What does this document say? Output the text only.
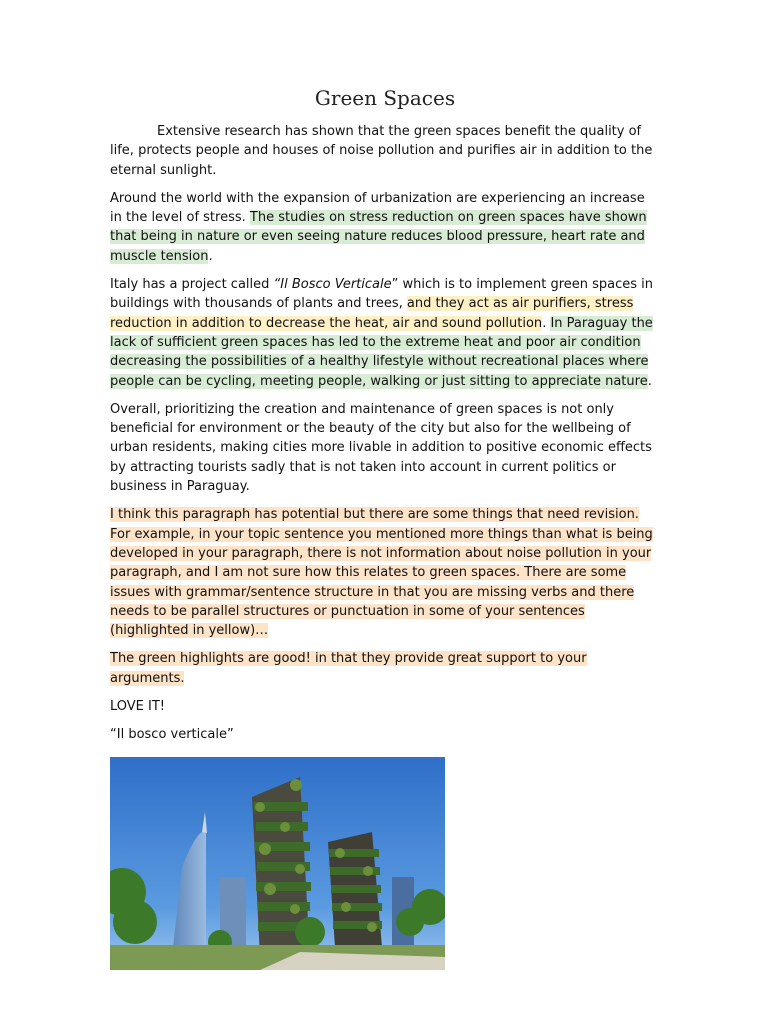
Green Spaces

Extensive research has shown that the green spaces benefit the quality of life, protects people and houses of noise pollution and purifies air in addition to the eternal sunlight.

Around the world with the expansion of urbanization are experiencing an increase in the level of stress. The studies on stress reduction on green spaces have shown that being in nature or even seeing nature reduces blood pressure, heart rate and muscle tension.

Italy has a project called “Il Bosco Verticale” which is to implement green spaces in buildings with thousands of plants and trees, and they act as air purifiers, stress reduction in addition to decrease the heat, air and sound pollution. In Paraguay the lack of sufficient green spaces has led to the extreme heat and poor air condition decreasing the possibilities of a healthy lifestyle without recreational places where people can be cycling, meeting people, walking or just sitting to appreciate nature.

Overall, prioritizing the creation and maintenance of green spaces is not only beneficial for environment or the beauty of the city but also for the wellbeing of urban residents, making cities more livable in addition to positive economic effects by attracting tourists sadly that is not taken into account in current politics or business in Paraguay.

I think this paragraph has potential but there are some things that need revision. For example, in your topic sentence you mentioned more things than what is being developed in your paragraph, there is not information about noise pollution in your paragraph, and I am not sure how this relates to green spaces. There are some issues with grammar/sentence structure in that you are missing verbs and there needs to be parallel structures or punctuation in some of your sentences (highlighted in yellow)…

The green highlights are good! in that they provide great support to your arguments.

LOVE IT!

“Il bosco verticale”
